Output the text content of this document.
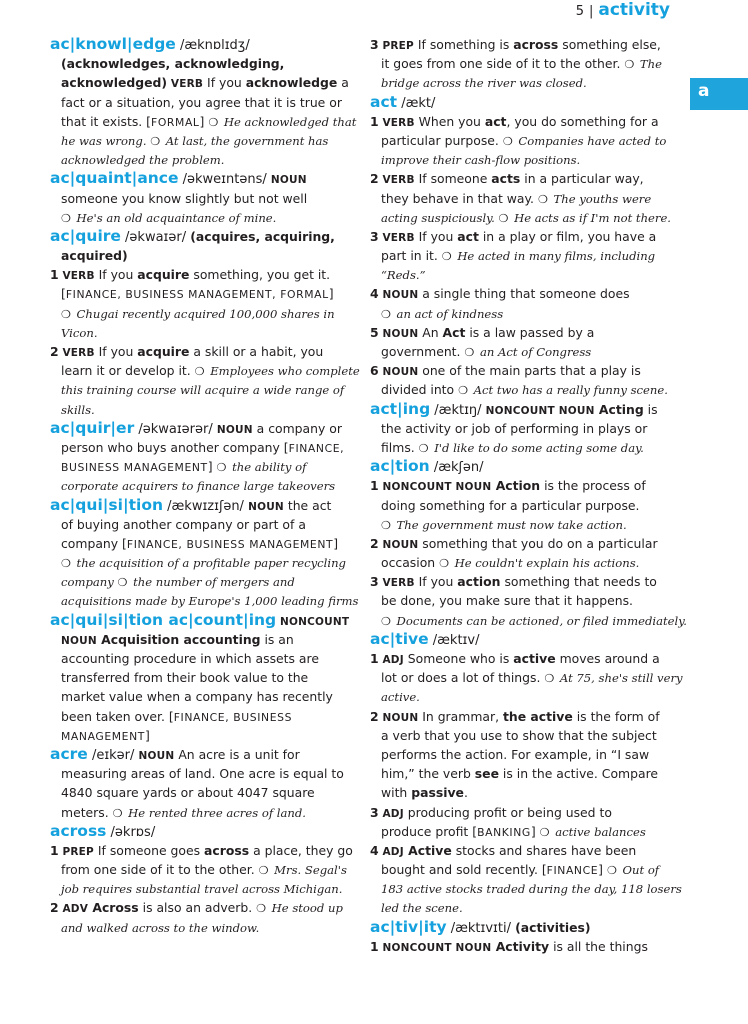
5 | activity
a
ac|knowl|edge /æknɒlɪdʒ/
(acknowledges, acknowledging,
acknowledged) VERB If you acknowledge a
fact or a situation, you agree that it is true or
that it exists. [FORMAL] ❍ He acknowledged that
he was wrong. ❍ At last, the government has
acknowledged the problem.
ac|quaint|ance /əkweɪntəns/ NOUN
someone you know slightly but not well
❍ He's an old acquaintance of mine.
ac|quire /əkwaɪər/ (acquires, acquiring,
acquired)
1 VERB If you acquire something, you get it.
[FINANCE, BUSINESS MANAGEMENT, FORMAL]
❍ Chugai recently acquired 100,000 shares in
Vicon.
2 VERB If you acquire a skill or a habit, you
learn it or develop it. ❍ Employees who complete
this training course will acquire a wide range of
skills.
ac|quir|er /əkwaɪərər/ NOUN a company or
person who buys another company [FINANCE,
BUSINESS MANAGEMENT] ❍ the ability of
corporate acquirers to finance large takeovers
ac|qui|si|tion /ækwɪzɪʃən/ NOUN the act
of buying another company or part of a
company [FINANCE, BUSINESS MANAGEMENT]
❍ the acquisition of a profitable paper recycling
company ❍ the number of mergers and
acquisitions made by Europe's 1,000 leading firms
ac|qui|si|tion ac|count|ing NONCOUNT
NOUN Acquisition accounting is an
accounting procedure in which assets are
transferred from their book value to the
market value when a company has recently
been taken over. [FINANCE, BUSINESS
MANAGEMENT]
acre /eɪkər/ NOUN An acre is a unit for
measuring areas of land. One acre is equal to
4840 square yards or about 4047 square
meters. ❍ He rented three acres of land.
across /əkrɒs/
1 PREP If someone goes across a place, they go
from one side of it to the other. ❍ Mrs. Segal's
job requires substantial travel across Michigan.
2 ADV Across is also an adverb. ❍ He stood up
and walked across to the window.
3 PREP If something is across something else,
it goes from one side of it to the other. ❍ The
bridge across the river was closed.
act /ækt/
1 VERB When you act, you do something for a
particular purpose. ❍ Companies have acted to
improve their cash-flow positions.
2 VERB If someone acts in a particular way,
they behave in that way. ❍ The youths were
acting suspiciously. ❍ He acts as if I'm not there.
3 VERB If you act in a play or film, you have a
part in it. ❍ He acted in many films, including
“Reds.”
4 NOUN a single thing that someone does
❍ an act of kindness
5 NOUN An Act is a law passed by a
government. ❍ an Act of Congress
6 NOUN one of the main parts that a play is
divided into ❍ Act two has a really funny scene.
act|ing /æktɪŋ/ NONCOUNT NOUN Acting is
the activity or job of performing in plays or
films. ❍ I'd like to do some acting some day.
ac|tion /ækʃən/
1 NONCOUNT NOUN Action is the process of
doing something for a particular purpose.
❍ The government must now take action.
2 NOUN something that you do on a particular
occasion ❍ He couldn't explain his actions.
3 VERB If you action something that needs to
be done, you make sure that it happens.
❍ Documents can be actioned, or filed immediately.
ac|tive /æktɪv/
1 ADJ Someone who is active moves around a
lot or does a lot of things. ❍ At 75, she's still very
active.
2 NOUN In grammar, the active is the form of
a verb that you use to show that the subject
performs the action. For example, in “I saw
him,” the verb see is in the active. Compare
with passive.
3 ADJ producing profit or being used to
produce profit [BANKING] ❍ active balances
4 ADJ Active stocks and shares have been
bought and sold recently. [FINANCE] ❍ Out of
183 active stocks traded during the day, 118 losers
led the scene.
ac|tiv|ity /æktɪvɪti/ (activities)
1 NONCOUNT NOUN Activity is all the things
